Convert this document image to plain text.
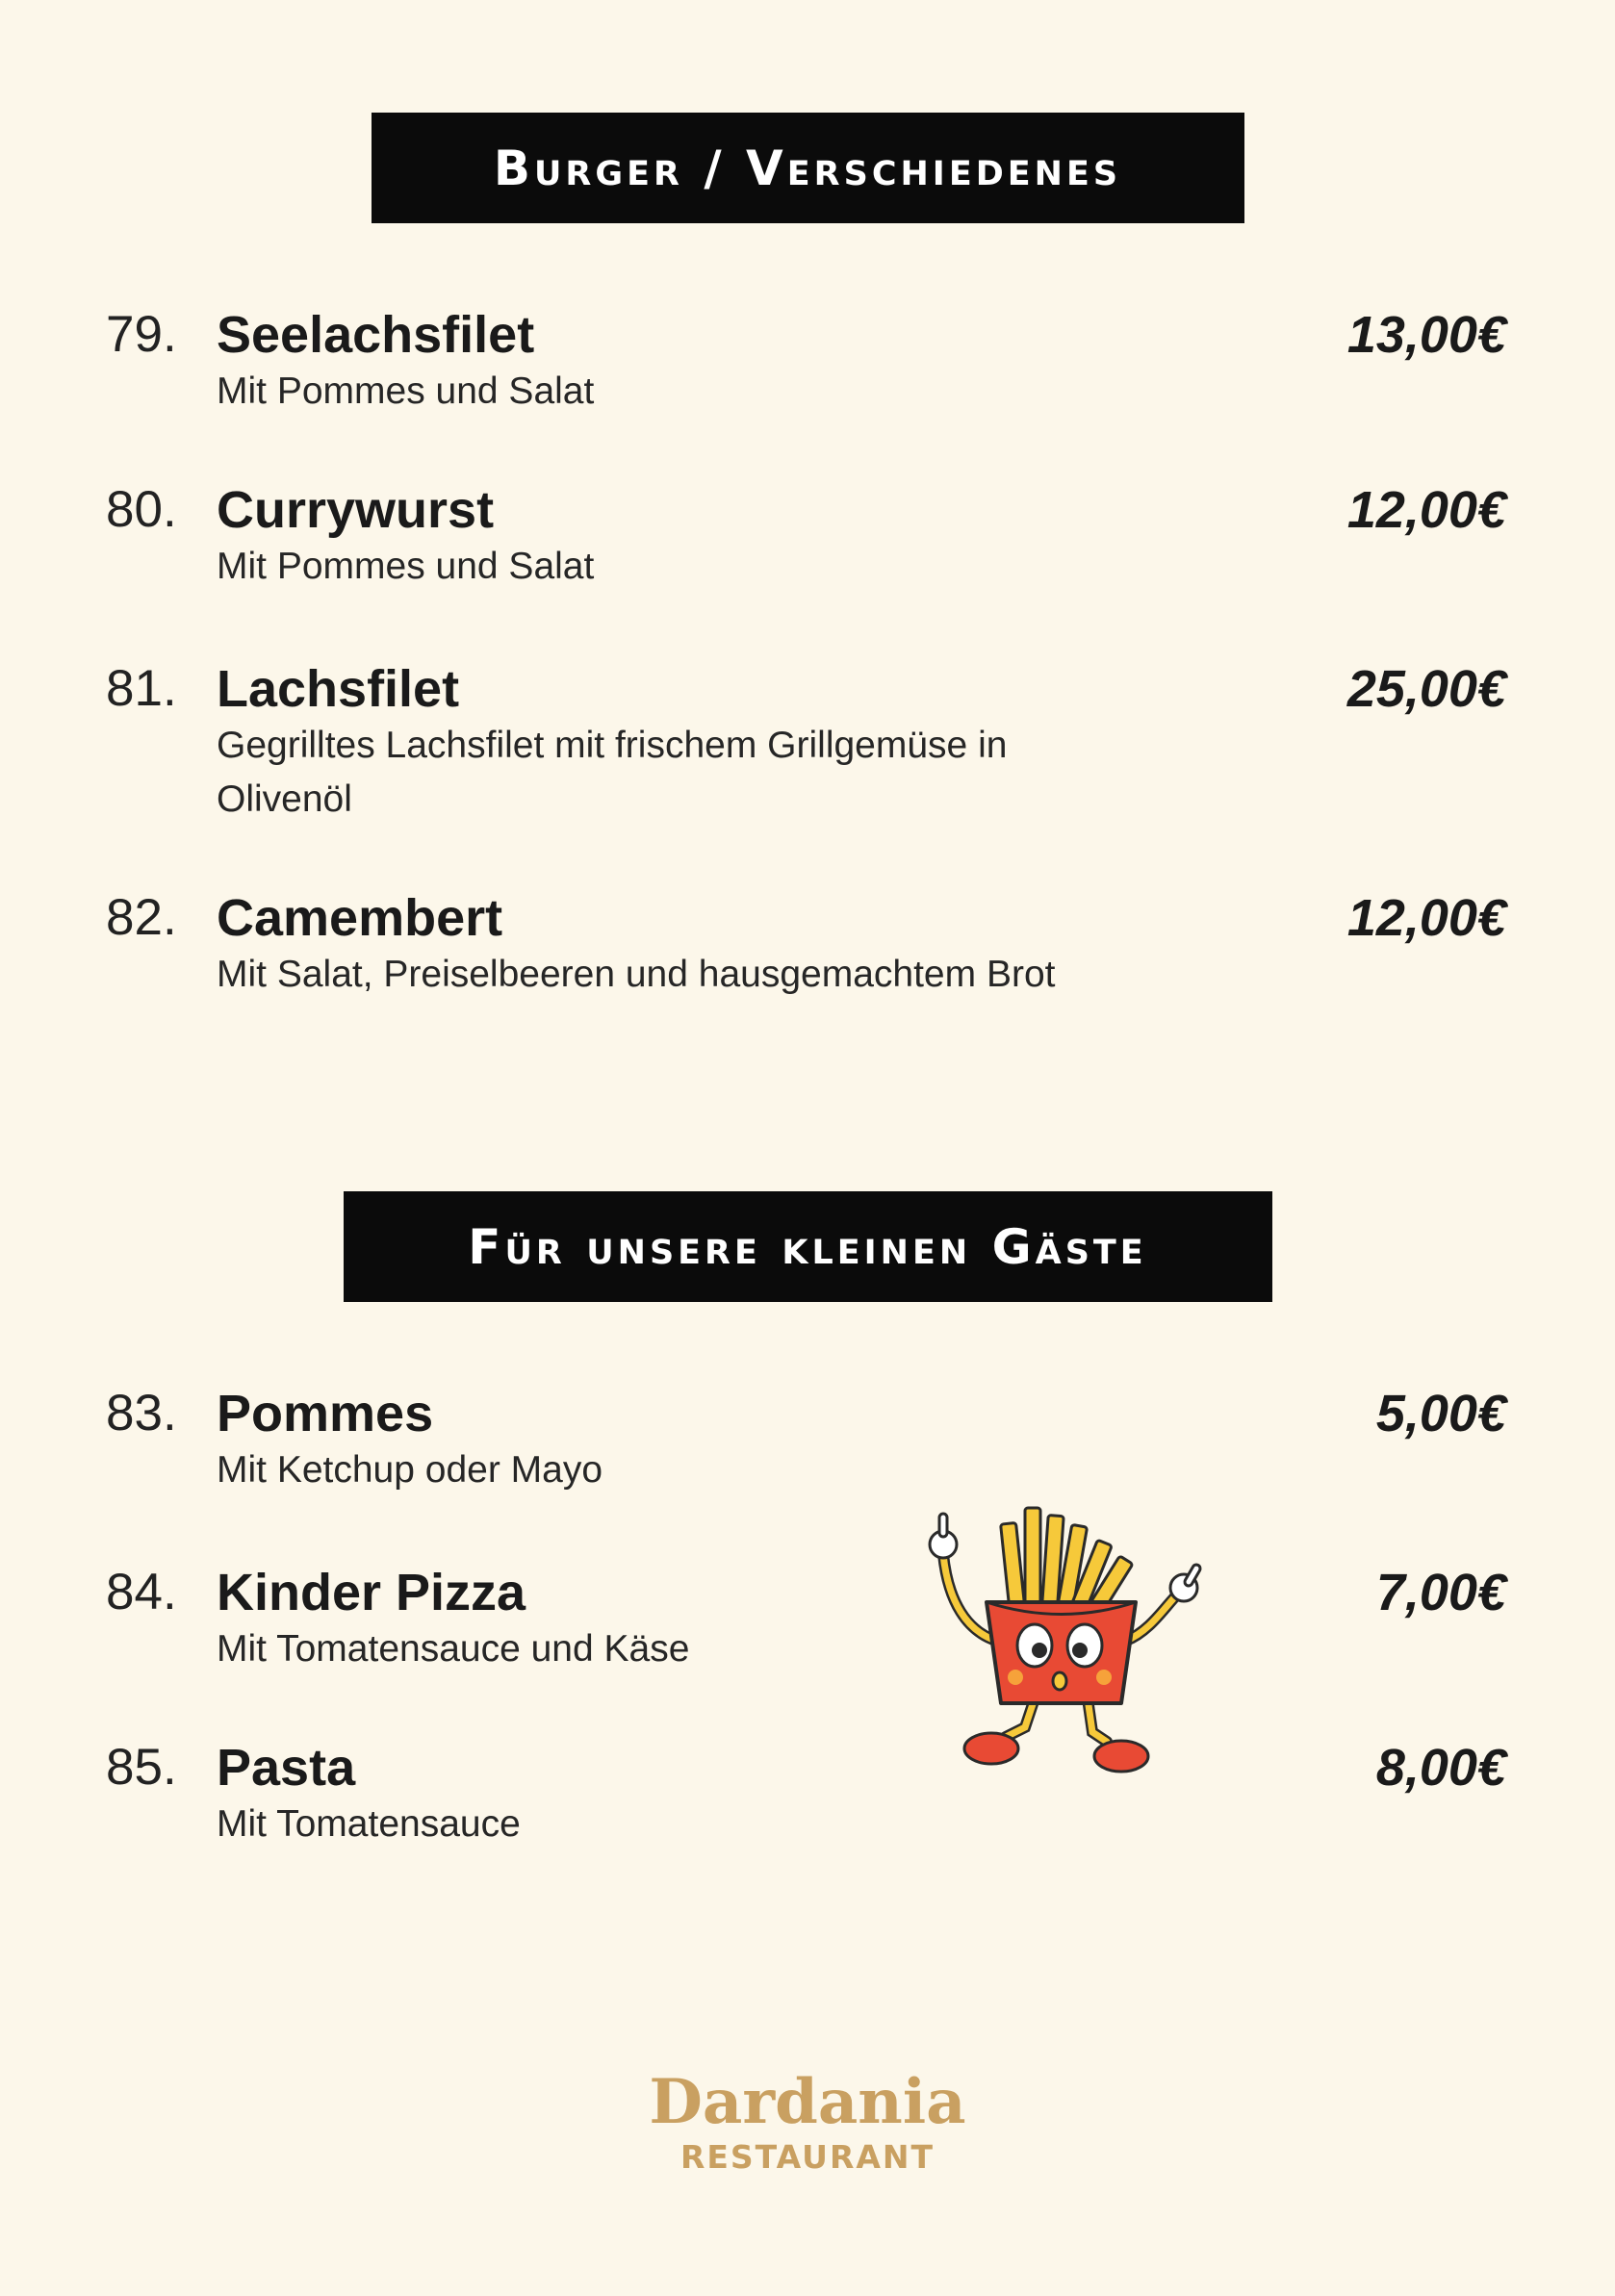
Burger / Verschiedenes
79. Seelachsfilet	13,00€
Mit Pommes und Salat
80. Currywurst	12,00€
Mit Pommes und Salat
81. Lachsfilet	25,00€
Gegrilltes Lachsfilet mit frischem Grillgemüse in Olivenöl
82. Camembert	12,00€
Mit Salat, Preiselbeeren und hausgemachtem Brot
Für unsere kleinen Gäste
83. Pommes	5,00€
Mit Ketchup oder Mayo
84. Kinder Pizza	7,00€
Mit Tomatensauce und Käse
85. Pasta	8,00€
Mit Tomatensauce
Dardania
RESTAURANT
